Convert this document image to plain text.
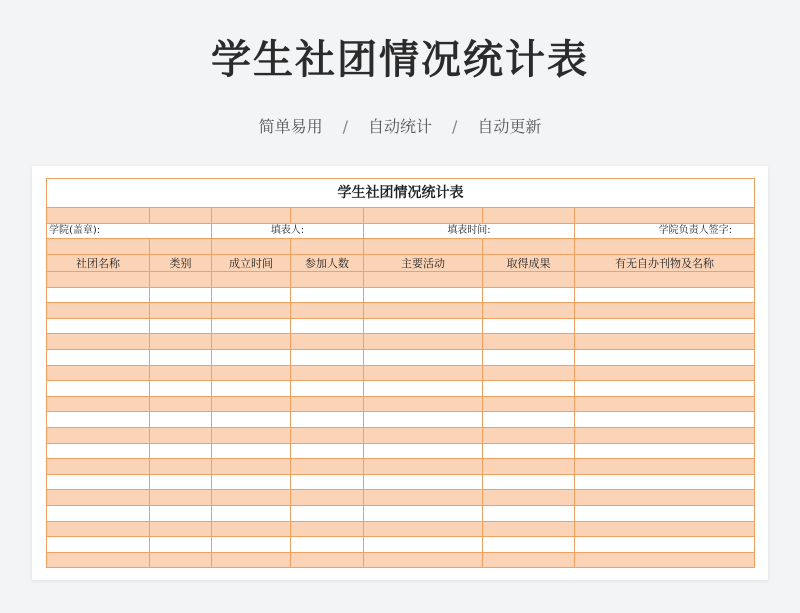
学生社团情况统计表
简单易用 / 自动统计 / 自动更新
学生社团情况统计表						

学院(盖章):		填表人:		填表时间:		学院负责人签字:

社团名称	类别	成立时间	参加人数	主要活动	取得成果	有无自办刊物及名称
